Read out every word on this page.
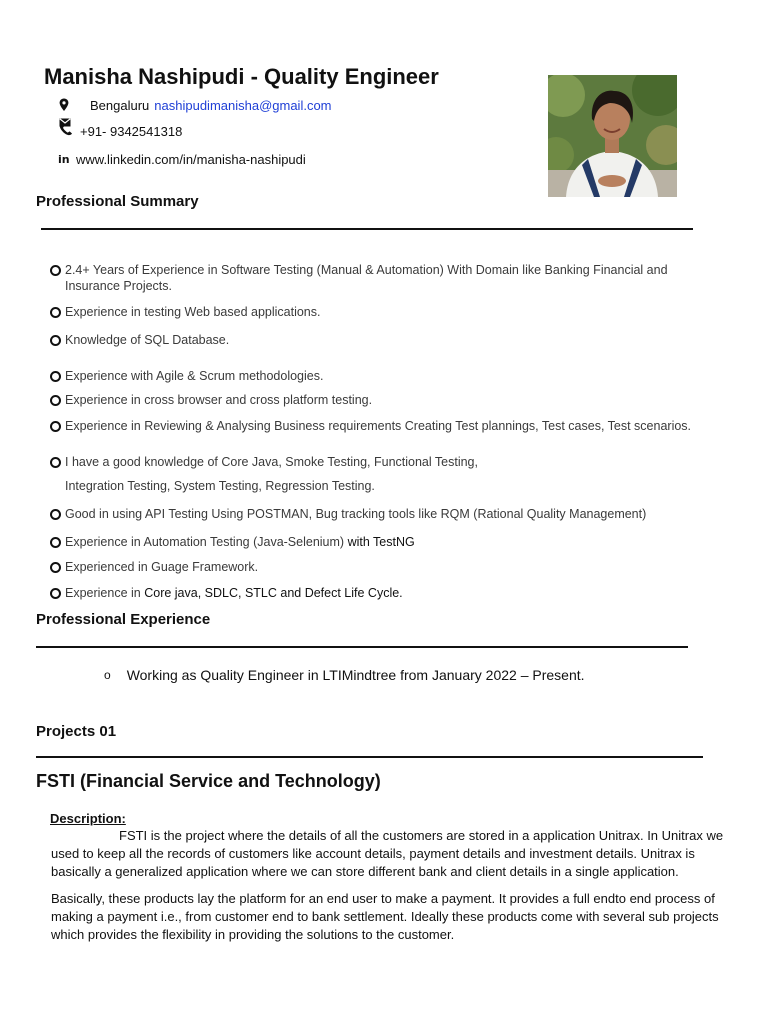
Manisha Nashipudi - Quality Engineer
Bengaluru nashipudimanisha@gmail.com
+91- 9342541318
in www.linkedin.com/in/manisha-nashipudi
Professional Summary
2.4+ Years of Experience in Software Testing (Manual & Automation) With Domain like Banking Financial and Insurance Projects.
Experience in testing Web based applications.
Knowledge of SQL Database.
Experience with Agile & Scrum methodologies.
Experience in cross browser and cross platform testing.
Experience in Reviewing & Analysing Business requirements Creating Test plannings, Test cases, Test scenarios.
I have a good knowledge of Core Java, Smoke Testing, Functional Testing,
Integration Testing, System Testing, Regression Testing.
Good in using API Testing Using POSTMAN, Bug tracking tools like RQM (Rational Quality Management)
Experience in Automation Testing (Java-Selenium) with TestNG
Experienced in Guage Framework.
Experience in Core java, SDLC, STLC and Defect Life Cycle.
Professional Experience
o Working as Quality Engineer in LTIMindtree from January 2022 – Present.
Projects 01
FSTI (Financial Service and Technology)
Description:
FSTI is the project where the details of all the customers are stored in a application Unitrax. In Unitrax we used to keep all the records of customers like account details, payment details and investment details. Unitrax is basically a generalized application where we can store different bank and client details in a single application.
Basically, these products lay the platform for an end user to make a payment. It provides a full endto end process of making a payment i.e., from customer end to bank settlement. Ideally these products come with several sub projects which provides the flexibility in providing the solutions to the customer.
